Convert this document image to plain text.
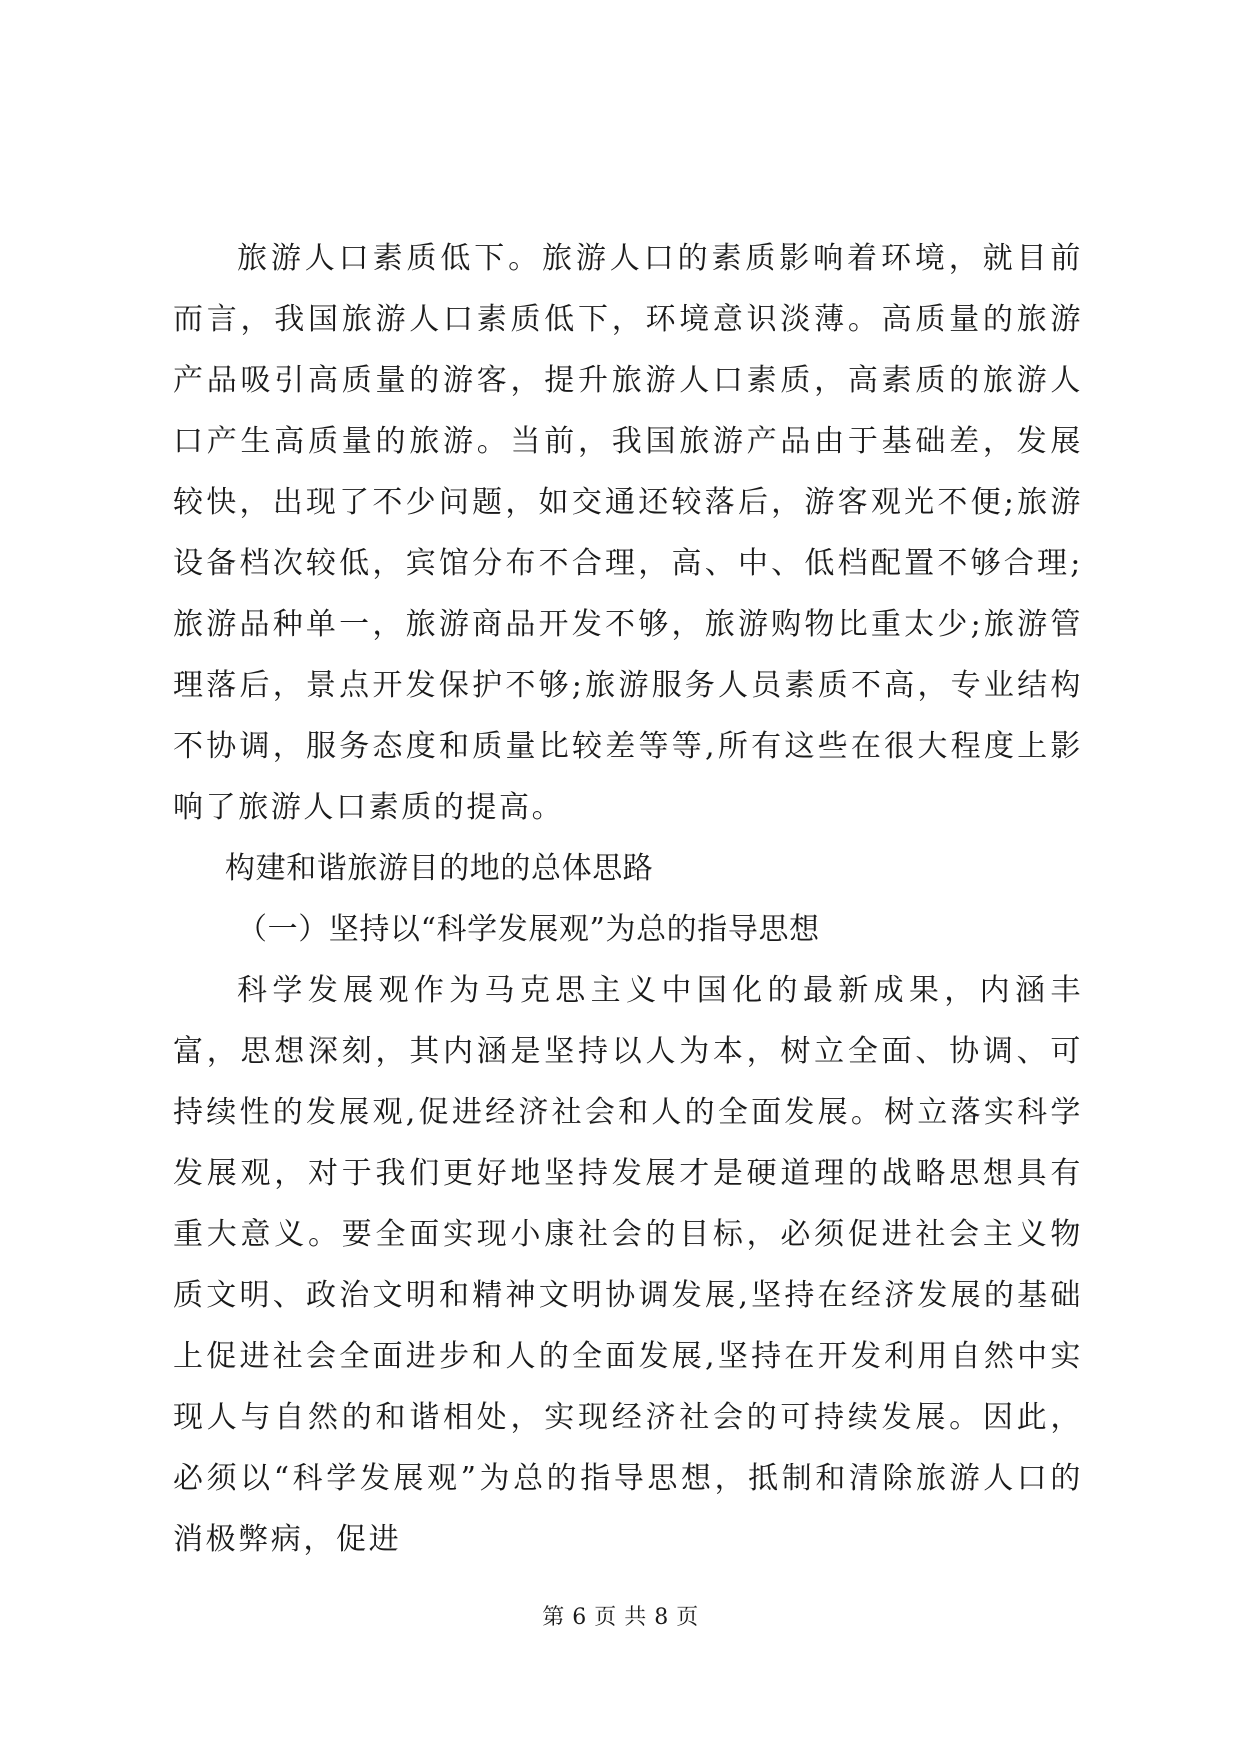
旅游人口素质低下。旅游人口的素质影响着环境，就目前而言，我国旅游人口素质低下，环境意识淡薄。高质量的旅游产品吸引高质量的游客，提升旅游人口素质，高素质的旅游人口产生高质量的旅游。当前，我国旅游产品由于基础差，发展较快，出现了不少问题，如交通还较落后，游客观光不便;旅游设备档次较低，宾馆分布不合理，高、中、低档配置不够合理;旅游品种单一，旅游商品开发不够，旅游购物比重太少;旅游管理落后，景点开发保护不够;旅游服务人员素质不高，专业结构不协调，服务态度和质量比较差等等,所有这些在很大程度上影响了旅游人口素质的提高。

构建和谐旅游目的地的总体思路

（一）坚持以“科学发展观”为总的指导思想

科学发展观作为马克思主义中国化的最新成果，内涵丰富，思想深刻，其内涵是坚持以人为本，树立全面、协调、可持续性的发展观,促进经济社会和人的全面发展。树立落实科学发展观，对于我们更好地坚持发展才是硬道理的战略思想具有重大意义。要全面实现小康社会的目标，必须促进社会主义物质文明、政治文明和精神文明协调发展,坚持在经济发展的基础上促进社会全面进步和人的全面发展,坚持在开发利用自然中实现人与自然的和谐相处，实现经济社会的可持续发展。因此，必须以“科学发展观”为总的指导思想，抵制和清除旅游人口的消极弊病，促进

第 6 页 共 8 页
